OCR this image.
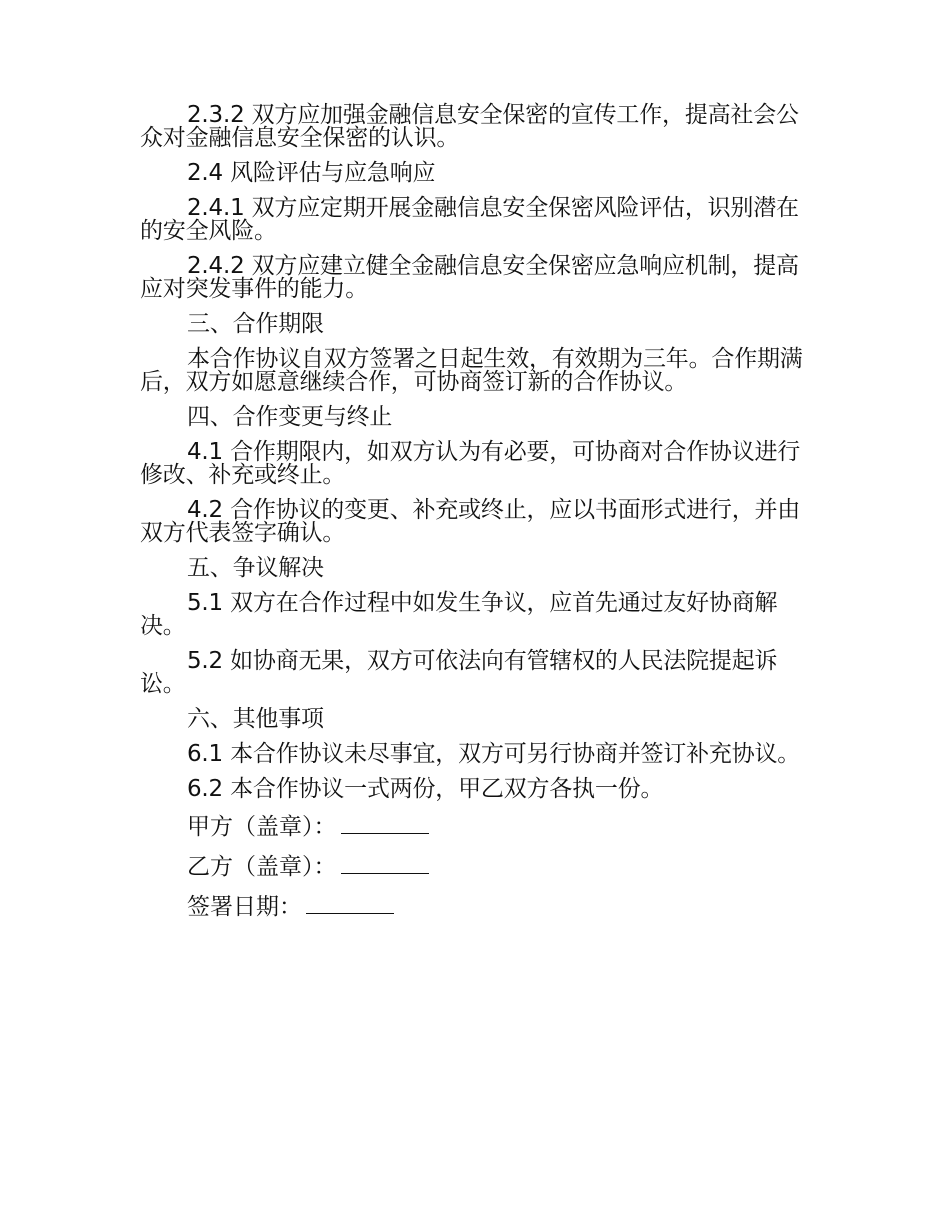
2.3.2 双方应加强金融信息安全保密的宣传工作，提高社会公众对金融信息安全保密的认识。

2.4 风险评估与应急响应

2.4.1 双方应定期开展金融信息安全保密风险评估，识别潜在的安全风险。

2.4.2 双方应建立健全金融信息安全保密应急响应机制，提高应对突发事件的能力。

三、合作期限

本合作协议自双方签署之日起生效，有效期为三年。合作期满后，双方如愿意继续合作，可协商签订新的合作协议。

四、合作变更与终止

4.1 合作期限内，如双方认为有必要，可协商对合作协议进行修改、补充或终止。

4.2 合作协议的变更、补充或终止，应以书面形式进行，并由双方代表签字确认。

五、争议解决

5.1 双方在合作过程中如发生争议，应首先通过友好协商解决。

5.2 如协商无果，双方可依法向有管辖权的人民法院提起诉讼。

六、其他事项

6.1 本合作协议未尽事宜，双方可另行协商并签订补充协议。

6.2 本合作协议一式两份，甲乙双方各执一份。

甲方（盖章）：

乙方（盖章）：

签署日期：
